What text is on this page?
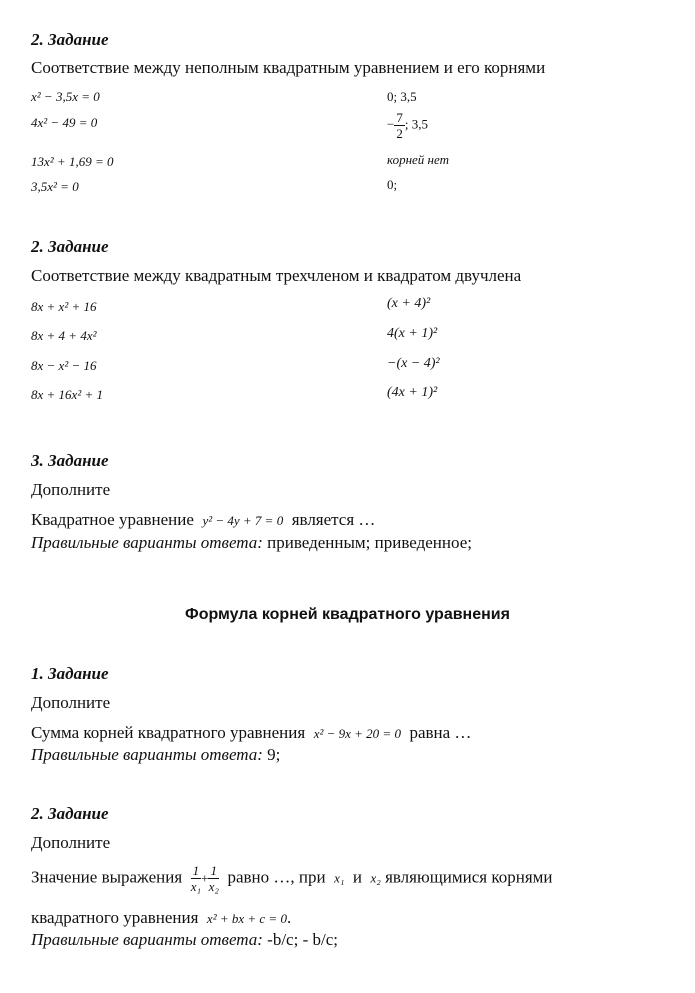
2. Задание
Соответствие между неполным квадратным уравнением и его корнями
x² − 3,5x = 0	0; 3,5
4x² − 49 = 0	− $\frac{7}{2}$ ; 3,5
13x² + 1,69 = 0	корней нет
3,5x² = 0	0;
2. Задание
Соответствие между квадратным трехчленом и квадратом двучлена
8x + x² + 16	(x + 4)²
8x + 4 + 4x²	4(x + 1)²
8x − x² − 16	−(x − 4)²
8x + 16x² + 1	(4x + 1)²
3. Задание
Дополните
Квадратное уравнение y² − 4y + 7 = 0 является …
Правильные варианты ответа: приведенным; приведенное;
Формула корней квадратного уравнения
1. Задание
Дополните
Сумма корней квадратного уравнения x² − 9x + 20 = 0 равна …
Правильные варианты ответа: 9;
2. Задание
Дополните
Значение выражения $\frac{1}{\text{x₁}} + \frac{1}{\text{x₂}}$ равно …, при x₁ и x₂ являющимися корнями
квадратного уравнения x² + bx + c = 0.
Правильные варианты ответа: -b/c; - b/c;
